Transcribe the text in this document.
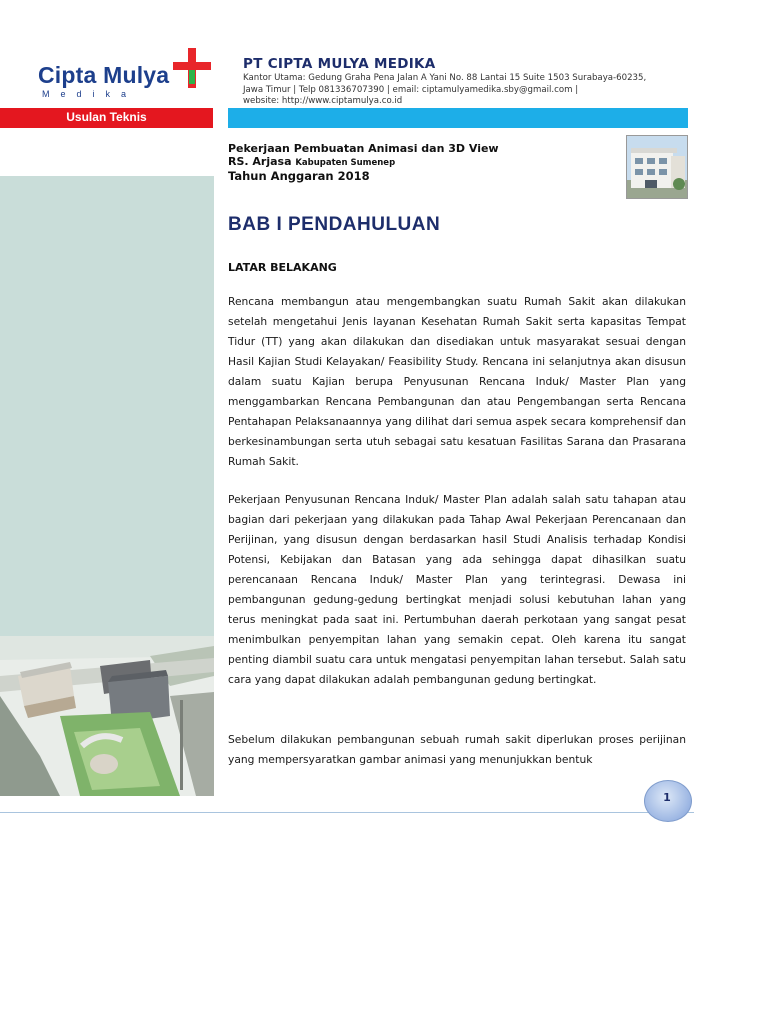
Cipta Mulya
Medika
PT CIPTA MULYA MEDIKA
Kantor Utama: Gedung Graha Pena Jalan A Yani No. 88 Lantai 15 Suite 1503 Surabaya-60235,
Jawa Timur | Telp 081336707390 | email: ciptamulyamedika.sby@gmail.com |
website: http://www.ciptamulya.co.id
Usulan Teknis
Pekerjaan Pembuatan Animasi dan 3D View
RS. Arjasa Kabupaten Sumenep
Tahun Anggaran 2018
BAB I PENDAHULUAN
LATAR BELAKANG
Rencana membangun atau mengembangkan suatu Rumah Sakit akan dilakukan setelah mengetahui Jenis layanan Kesehatan Rumah Sakit serta kapasitas Tempat Tidur (TT) yang akan dilakukan dan disediakan untuk masyarakat sesuai dengan Hasil Kajian Studi Kelayakan/ Feasibility Study. Rencana ini selanjutnya akan disusun dalam suatu Kajian berupa Penyusunan Rencana Induk/ Master Plan yang menggambarkan Rencana Pembangunan dan atau Pengembangan serta Rencana Pentahapan Pelaksanaannya yang dilihat dari semua aspek secara komprehensif dan berkesinambungan serta utuh sebagai satu kesatuan Fasilitas Sarana dan Prasarana Rumah Sakit.
Pekerjaan Penyusunan Rencana Induk/ Master Plan adalah salah satu tahapan atau bagian dari pekerjaan yang dilakukan pada Tahap Awal Pekerjaan Perencanaan dan Perijinan, yang disusun dengan berdasarkan hasil Studi Analisis terhadap Kondisi Potensi, Kebijakan dan Batasan yang ada sehingga dapat dihasilkan suatu perencanaan Rencana Induk/ Master Plan yang terintegrasi. Dewasa ini pembangunan gedung-gedung bertingkat menjadi solusi kebutuhan lahan yang terus meningkat pada saat ini. Pertumbuhan daerah perkotaan yang sangat pesat menimbulkan penyempitan lahan yang semakin cepat. Oleh karena itu sangat penting diambil suatu cara untuk mengatasi penyempitan lahan tersebut. Salah satu cara yang dapat dilakukan adalah pembangunan gedung bertingkat.
Sebelum dilakukan pembangunan sebuah rumah sakit diperlukan proses perijinan yang mempersyaratkan gambar animasi yang menunjukkan bentuk
1
